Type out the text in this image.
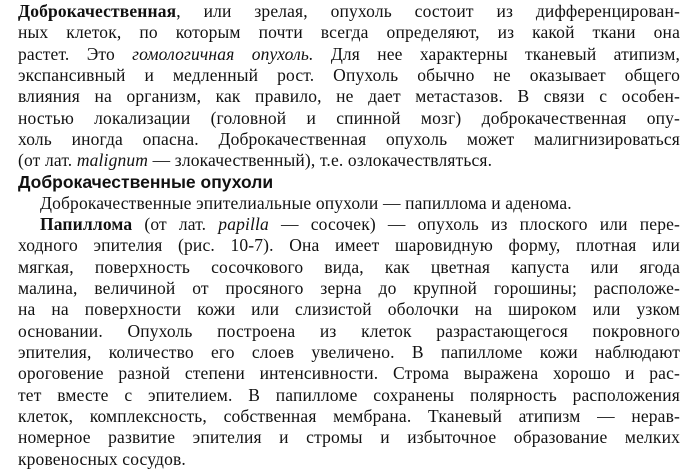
Доброкачественная, или зрелая, опухоль состоит из дифференцирован-
ных клеток, по которым почти всегда определяют, из какой ткани она
растет. Это гомологичная опухоль. Для нее характерны тканевый атипизм,
экспансивный и медленный рост. Опухоль обычно не оказывает общего
влияния на организм, как правило, не дает метастазов. В связи с особен-
ностью локализации (головной и спинной мозг) доброкачественная опу-
холь иногда опасна. Доброкачественная опухоль может малигнизироваться
(от лат. malignum — злокачественный), т.е. озлокачествляться.
Доброкачественные опухоли
Доброкачественные эпителиальные опухоли — папиллома и аденома.
Папиллома (от лат. papilla — сосочек) — опухоль из плоского или пере-
ходного эпителия (рис. 10-7). Она имеет шаровидную форму, плотная или
мягкая, поверхность сосочкового вида, как цветная капуста или ягода
малина, величиной от просяного зерна до крупной горошины; расположе-
на на поверхности кожи или слизистой оболочки на широком или узком
основании. Опухоль построена из клеток разрастающегося покровного
эпителия, количество его слоев увеличено. В папилломе кожи наблюдают
ороговение разной степени интенсивности. Строма выражена хорошо и рас-
тет вместе с эпителием. В папилломе сохранены полярность расположения
клеток, комплексность, собственная мембрана. Тканевый атипизм — нерав-
номерное развитие эпителия и стромы и избыточное образование мелких
кровеносных сосудов.
